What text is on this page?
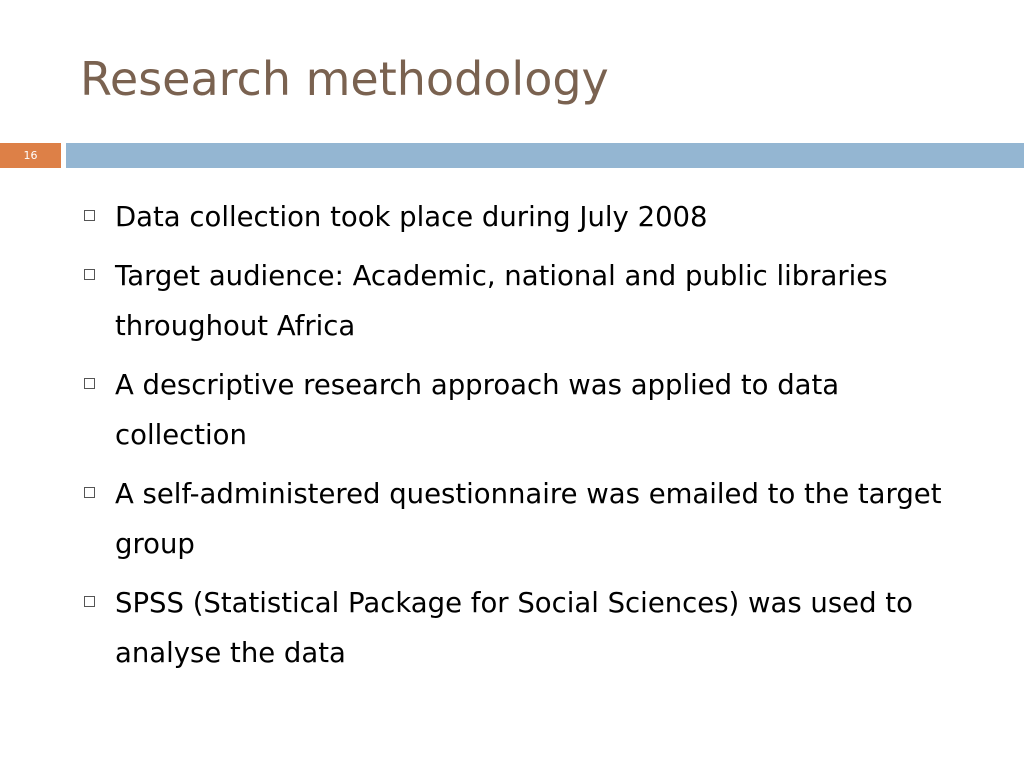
Research methodology
16
Data collection took place during July 2008
Target audience: Academic, national and public libraries throughout Africa
A descriptive research approach was applied to data collection
A self-administered questionnaire was emailed to the target group
SPSS (Statistical Package for Social Sciences) was used to analyse the data
